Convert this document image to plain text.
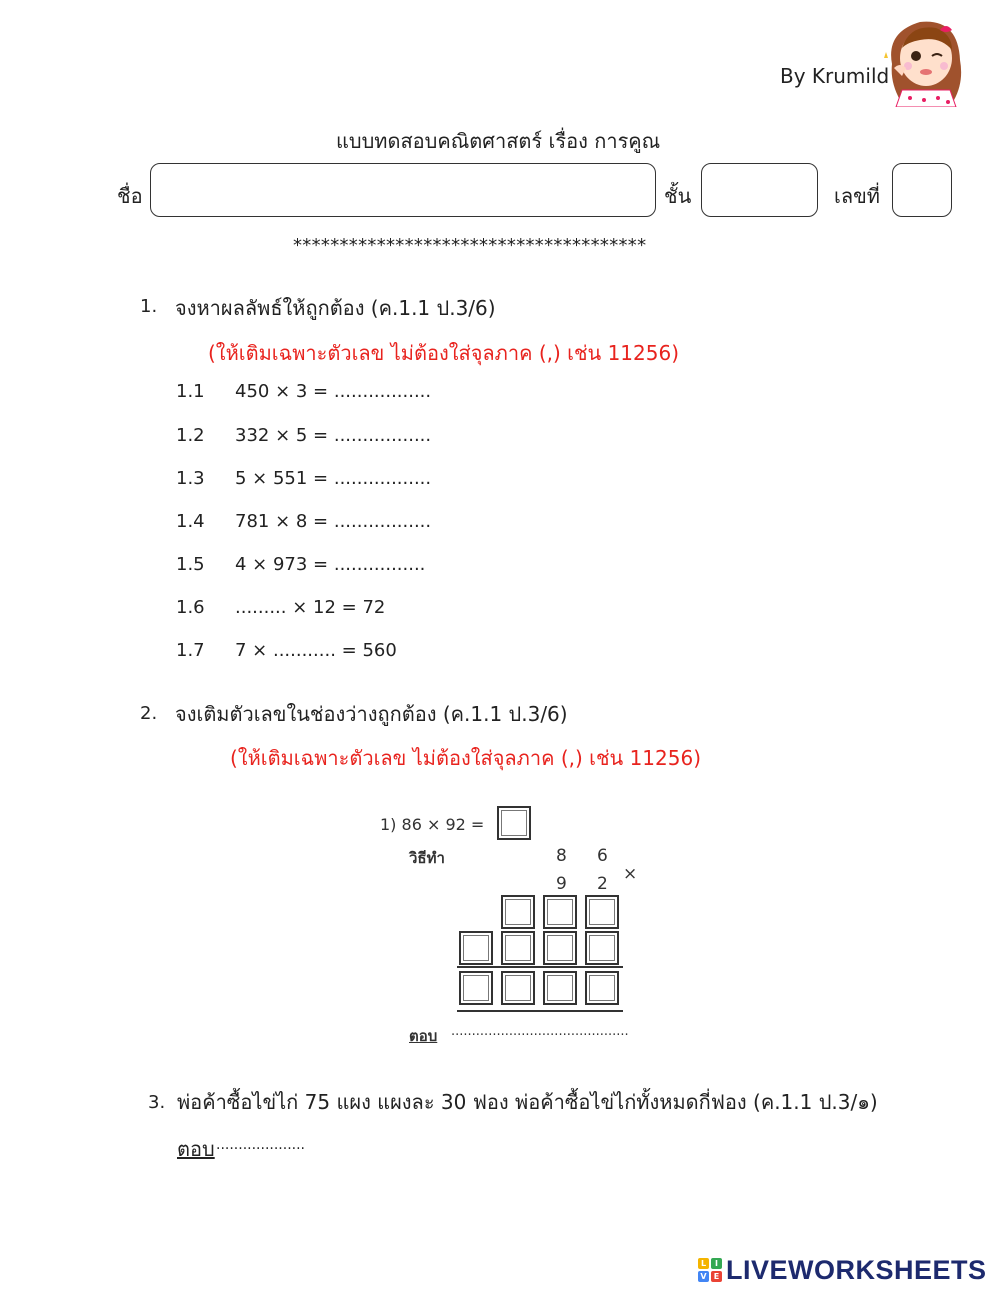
By Krumild
แบบทดสอบคณิตศาสตร์ เรื่อง การคูณ
ชื่อ	ชั้น	เลขที่
**************************************
1. จงหาผลลัพธ์ให้ถูกต้อง (ค.1.1 ป.3/6)
(ให้เติมเฉพาะตัวเลข ไม่ต้องใส่จุลภาค (,) เช่น 11256)
1.1 450 × 3 = .................
1.2 332 × 5 = .................
1.3 5 × 551 = .................
1.4 781 × 8 = .................
1.5 4 × 973 = ................
1.6 ......... × 12 = 72
1.7 7 × ........... = 560
2. จงเติมตัวเลขในช่องว่างถูกต้อง (ค.1.1 ป.3/6)
(ให้เติมเฉพาะตัวเลข ไม่ต้องใส่จุลภาค (,) เช่น 11256)
1) 86 × 92 =
วิธีทำ	8 6
9 2 ×
ตอบ ...........................................
3. พ่อค้าซื้อไข่ไก่ 75 แผง แผงละ 30 ฟอง พ่อค้าซื้อไข่ไก่ทั้งหมดกี่ฟอง (ค.1.1 ป.3/๑)
ตอบ ....................
L	I
V E LIVEWORKSHEETS
